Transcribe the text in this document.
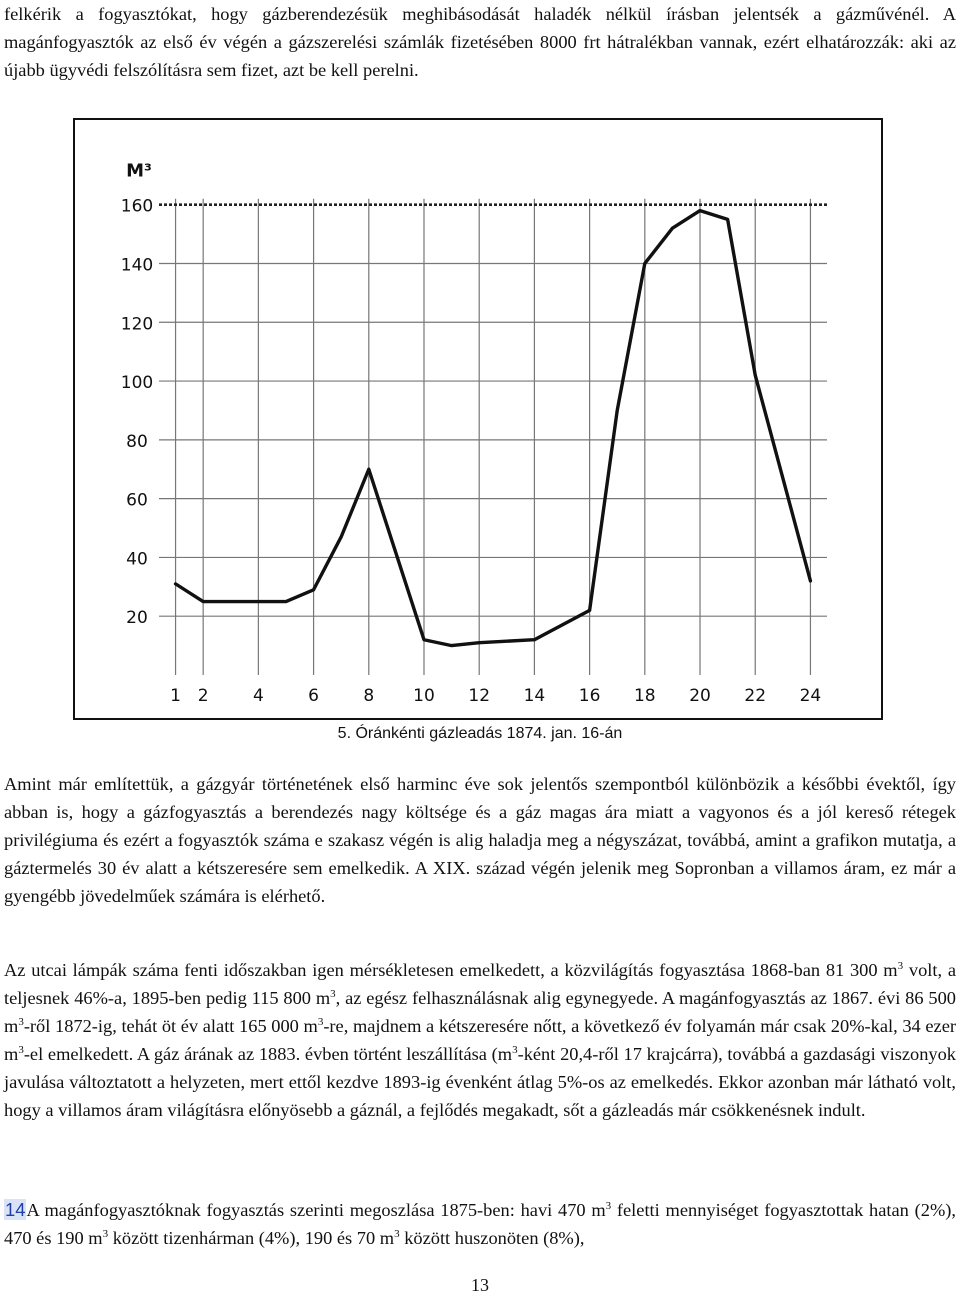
felkérik a fogyasztókat, hogy gázberendezésük meghibásodását haladék nélkül írásban jelentsék a gázművénél. A magánfogyasztók az első év végén a gázszerelési számlák fizetésében 8000 frt hátralékban vannak, ezért elhatározzák: aki az újabb ügyvédi felszólításra sem fizet, azt be kell perelni.

20
40
60
80
100
120
140
160
1 2	4	6	8 10 12 14 16 18 20 22 24
M³
5. Óránkénti gázleadás 1874. jan. 16-án

Amint már említettük, a gázgyár történetének első harminc éve sok jelentős szempontból különbözik a későbbi évektől, így abban is, hogy a gázfogyasztás a berendezés nagy költsége és a gáz magas ára miatt a vagyonos és a jól kereső rétegek privilégiuma és ezért a fogyasztók száma e szakasz végén is alig haladja meg a négyszázat, továbbá, amint a grafikon mutatja, a gáztermelés 30 év alatt a kétszeresére sem emelkedik. A XIX. század végén jelenik meg Sopronban a villamos áram, ez már a gyengébb jövedelműek számára is elérhető.

Az utcai lámpák száma fenti időszakban igen mérsékletesen emelkedett, a közvilágítás fogyasztása 1868-ban 81 300 $m^3$ volt, a teljesnek 46%-a, 1895-ben pedig 115 800 $m^3$, az egész felhasználásnak alig egynegyede. A magánfogyasztás az 1867. évi 86 500 $m^3$-ről 1872-ig, tehát öt év alatt 165 000 $m^3-re$, majdnem a kétszeresére nőtt, a következő év folyamán már csak 20%-kal, 34 ezer $m^3-el$ emelkedett. A gáz árának az 1883. évben történt leszállítása ($m^3$-ként 20,4-ről 17 krajcárra), továbbá a gazdasági viszonyok javulása változtatott a helyzeten, mert ettől kezdve 1893-ig évenként átlag 5%-os az emelkedés. Ekkor azonban már látható volt, hogy a villamos áram világításra előnyösebb a gáznál, a fejlődés megakadt, sőt a gázleadás már csökkenésnek indult.

14A magánfogyasztóknak fogyasztás szerinti megoszlása 1875-ben: havi 470 $m^3$ feletti mennyiséget fogyasztottak hatan (2%), 470 és 190 $m^3$ között tizenhárman (4%), 190 és 70 $m^3$ között huszonöten (8%),

13
